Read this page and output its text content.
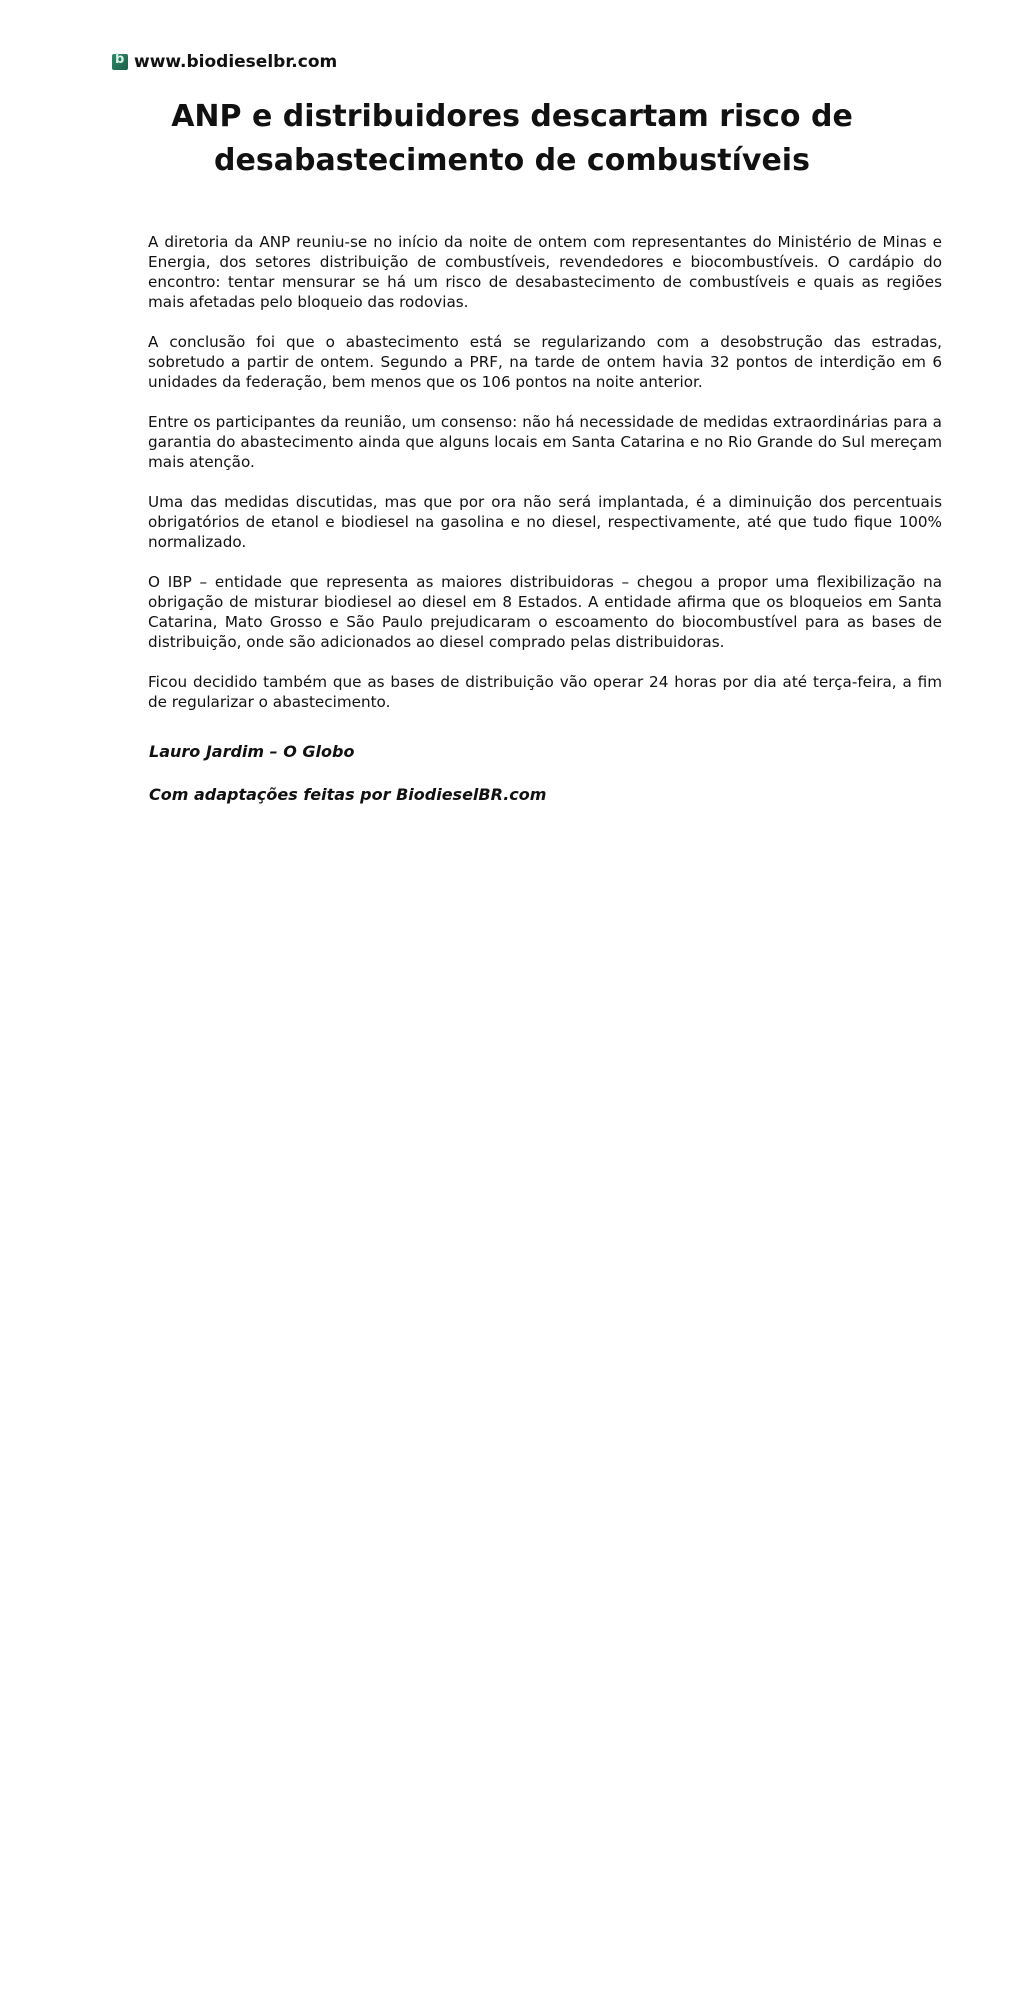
b
www.biodieselbr.com
ANP e distribuidores descartam risco de desabastecimento de combustíveis

A diretoria da ANP reuniu-se no início da noite de ontem com representantes do Ministério de Minas e Energia, dos setores distribuição de combustíveis, revendedores e biocombustíveis. O cardápio do encontro: tentar mensurar se há um risco de desabastecimento de combustíveis e quais as regiões mais afetadas pelo bloqueio das rodovias.

A conclusão foi que o abastecimento está se regularizando com a desobstrução das estradas, sobretudo a partir de ontem. Segundo a PRF, na tarde de ontem havia 32 pontos de interdição em 6 unidades da federação, bem menos que os 106 pontos na noite anterior.

Entre os participantes da reunião, um consenso: não há necessidade de medidas extraordinárias para a garantia do abastecimento ainda que alguns locais em Santa Catarina e no Rio Grande do Sul mereçam mais atenção.

Uma das medidas discutidas, mas que por ora não será implantada, é a diminuição dos percentuais obrigatórios de etanol e biodiesel na gasolina e no diesel, respectivamente, até que tudo fique 100% normalizado.

O IBP – entidade que representa as maiores distribuidoras – chegou a propor uma flexibilização na obrigação de misturar biodiesel ao diesel em 8 Estados. A entidade afirma que os bloqueios em Santa Catarina, Mato Grosso e São Paulo prejudicaram o escoamento do biocombustível para as bases de distribuição, onde são adicionados ao diesel comprado pelas distribuidoras.

Ficou decidido também que as bases de distribuição vão operar 24 horas por dia até terça-feira, a fim de regularizar o abastecimento.

Lauro Jardim – O Globo

Com adaptações feitas por BiodieselBR.com
